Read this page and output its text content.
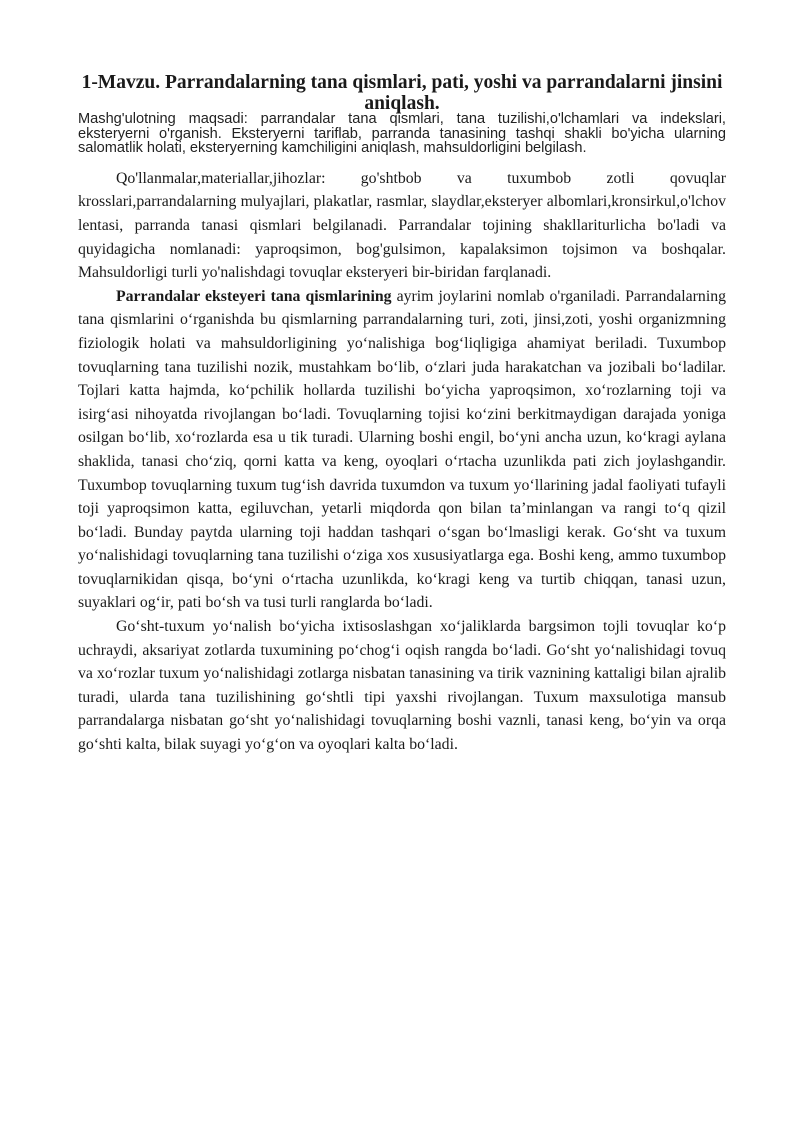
1-Mavzu. Parrandalarning tana qismlari, pati, yoshi va parrandalarni jinsini aniqlash.

Mashg'ulotning maqsadi: parrandalar tana qismlari, tana tuzilishi,o'lchamlari va indekslari, eksteryerni o'rganish. Eksteryerni tariflab, parranda tanasining tashqi shakli bo'yicha ularning salomatlik holati, eksteryerning kamchiligini aniqlash, mahsuldorligini belgilash.

Qo'llanmalar,materiallar,jihozlar: go'shtbob va tuxumbob zotli qovuqlar krosslari,parrandalarning mulyajlari, plakatlar, rasmlar, slaydlar,eksteryer albomlari,kronsirkul,o'lchov lentasi, parranda tanasi qismlari belgilanadi. Parrandalar tojining shakllariturlicha bo'ladi va quyidagicha nomlanadi: yaproqsimon, bog'gulsimon, kapalaksimon tojsimon va boshqalar. Mahsuldorligi turli yo'nalishdagi tovuqlar eksteryeri bir-biridan farqlanadi.

Parrandalar eksteyeri tana qismlarining ayrim joylarini nomlab o'rganiladi. Parrandalarning tana qismlarini o‘rganishda bu qismlarning parrandalarning turi, zoti, jinsi,zoti, yoshi organizmning fiziologik holati va mahsuldorligining yo‘nalishiga bog‘liqligiga ahamiyat beriladi. Tuxumbop tovuqlarning tana tuzilishi nozik, mustahkam bo‘lib, o‘zlari juda harakatchan va jozibali bo‘ladilar. Tojlari katta hajmda, ko‘pchilik hollarda tuzilishi bo‘yicha yaproqsimon, xo‘rozlarning toji va isirg‘asi nihoyatda rivojlangan bo‘ladi. Tovuqlarning tojisi ko‘zini berkitmaydigan darajada yoniga osilgan bo‘lib, xo‘rozlarda esa u tik turadi. Ularning boshi engil, bo‘yni ancha uzun, ko‘kragi aylana shaklida, tanasi cho‘ziq, qorni katta va keng, oyoqlari o‘rtacha uzunlikda pati zich joylashgandir. Tuxumbop tovuqlarning tuxum tug‘ish davrida tuxumdon va tuxum yo‘llarining jadal faoliyati tufayli toji yaproqsimon katta, egiluvchan, yetarli miqdorda qon bilan ta’minlangan va rangi to‘q qizil bo‘ladi. Bunday paytda ularning toji haddan tashqari o‘sgan bo‘lmasligi kerak. Go‘sht va tuxum yo‘nalishidagi tovuqlarning tana tuzilishi o‘ziga xos xususiyatlarga ega. Boshi keng, ammo tuxumbop tovuqlarnikidan qisqa, bo‘yni o‘rtacha uzunlikda, ko‘kragi keng va turtib chiqqan, tanasi uzun, suyaklari og‘ir, pati bo‘sh va tusi turli ranglarda bo‘ladi.

Go‘sht-tuxum yo‘nalish bo‘yicha ixtisoslashgan xo‘jaliklarda bargsimon tojli tovuqlar ko‘p uchraydi, aksariyat zotlarda tuxumining po‘chog‘i oqish rangda bo‘ladi. Go‘sht yo‘nalishidagi tovuq va xo‘rozlar tuxum yo‘nalishidagi zotlarga nisbatan tanasining va tirik vaznining kattaligi bilan ajralib turadi, ularda tana tuzilishining go‘shtli tipi yaxshi rivojlangan. Tuxum maxsulotiga mansub parrandalarga nisbatan go‘sht yo‘nalishidagi tovuqlarning boshi vaznli, tanasi keng, bo‘yin va orqa go‘shti kalta, bilak suyagi yo‘g‘on va oyoqlari kalta bo‘ladi.
